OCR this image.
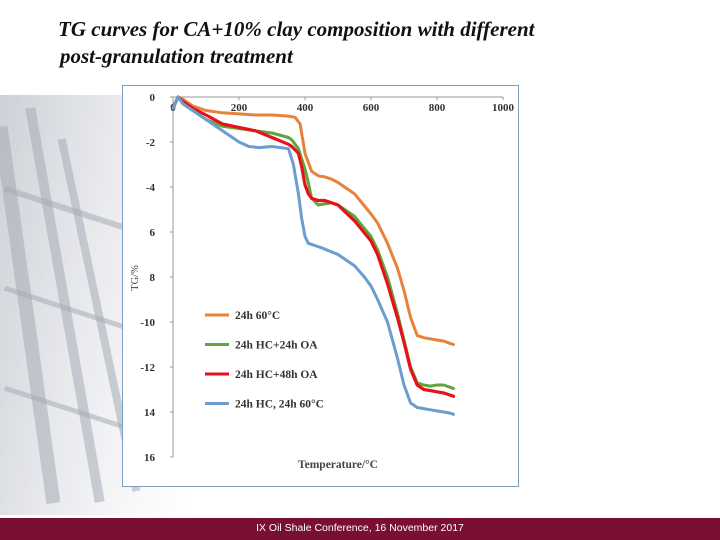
TG curves for CA+10% clay composition with different
post-granulation treatment
0
-2
-4
6
8
-10
-12
14
16
0	200	400	600	800	1000
24h 60°C
24h HC+24h OA
24h HC+48h OA
24h HC, 24h 60°C
TG/%
Temperature/°C
IX Oil Shale Conference, 16 November 2017
